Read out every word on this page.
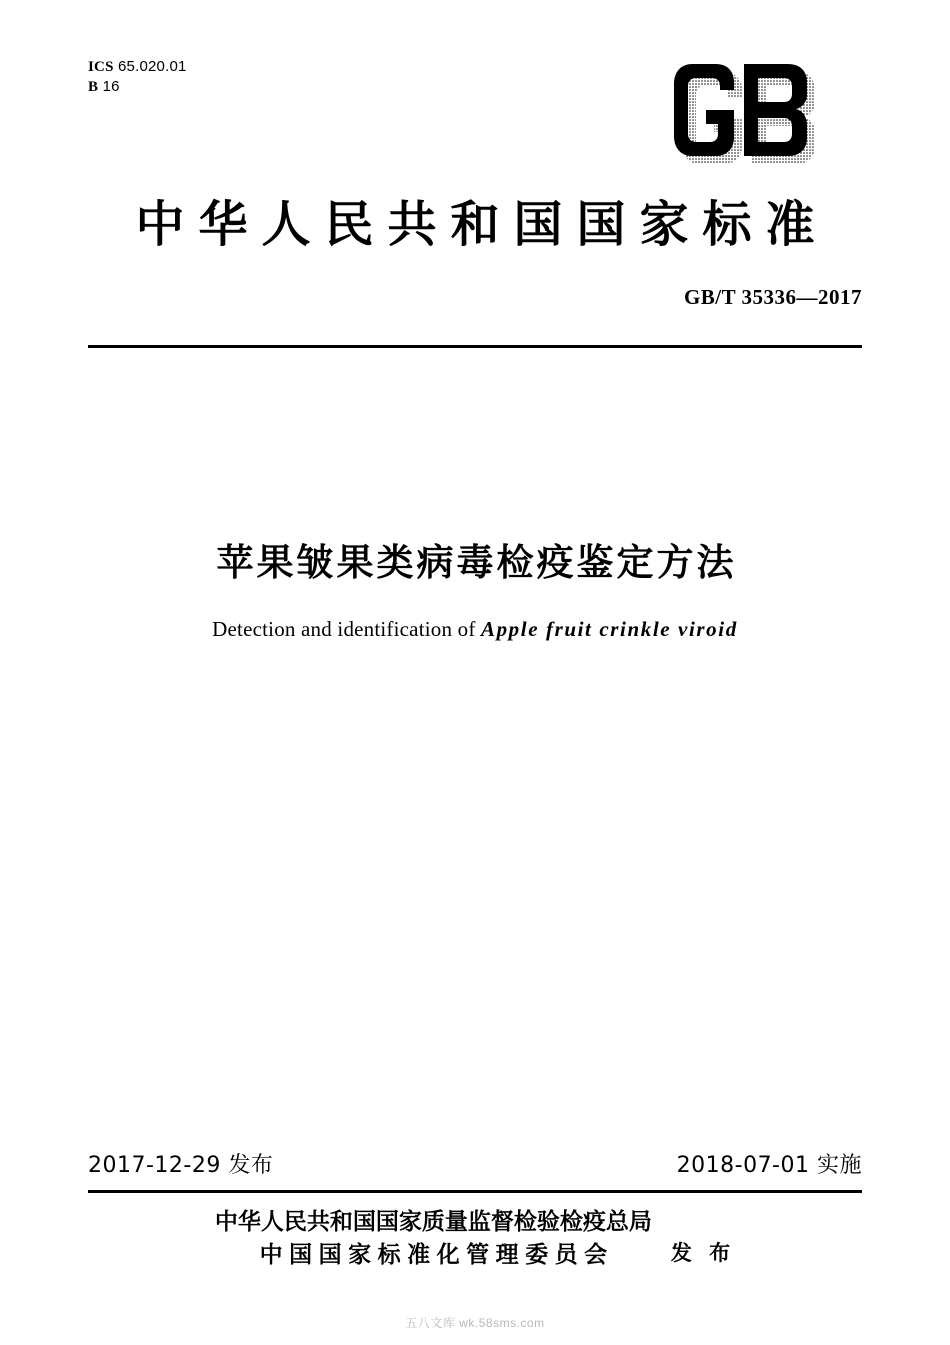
ICS 65.020.01
B 16
中华人民共和国国家标准
GB/T 35336—2017
苹果皱果类病毒检疫鉴定方法
Detection and identification of Apple fruit crinkle viroid
2017-12-29 发布	2018-07-01 实施
中华人民共和国国家质量监督检验检疫总局
中国国家标准化管理委员会	发 布
五八文库 wk.58sms.com
